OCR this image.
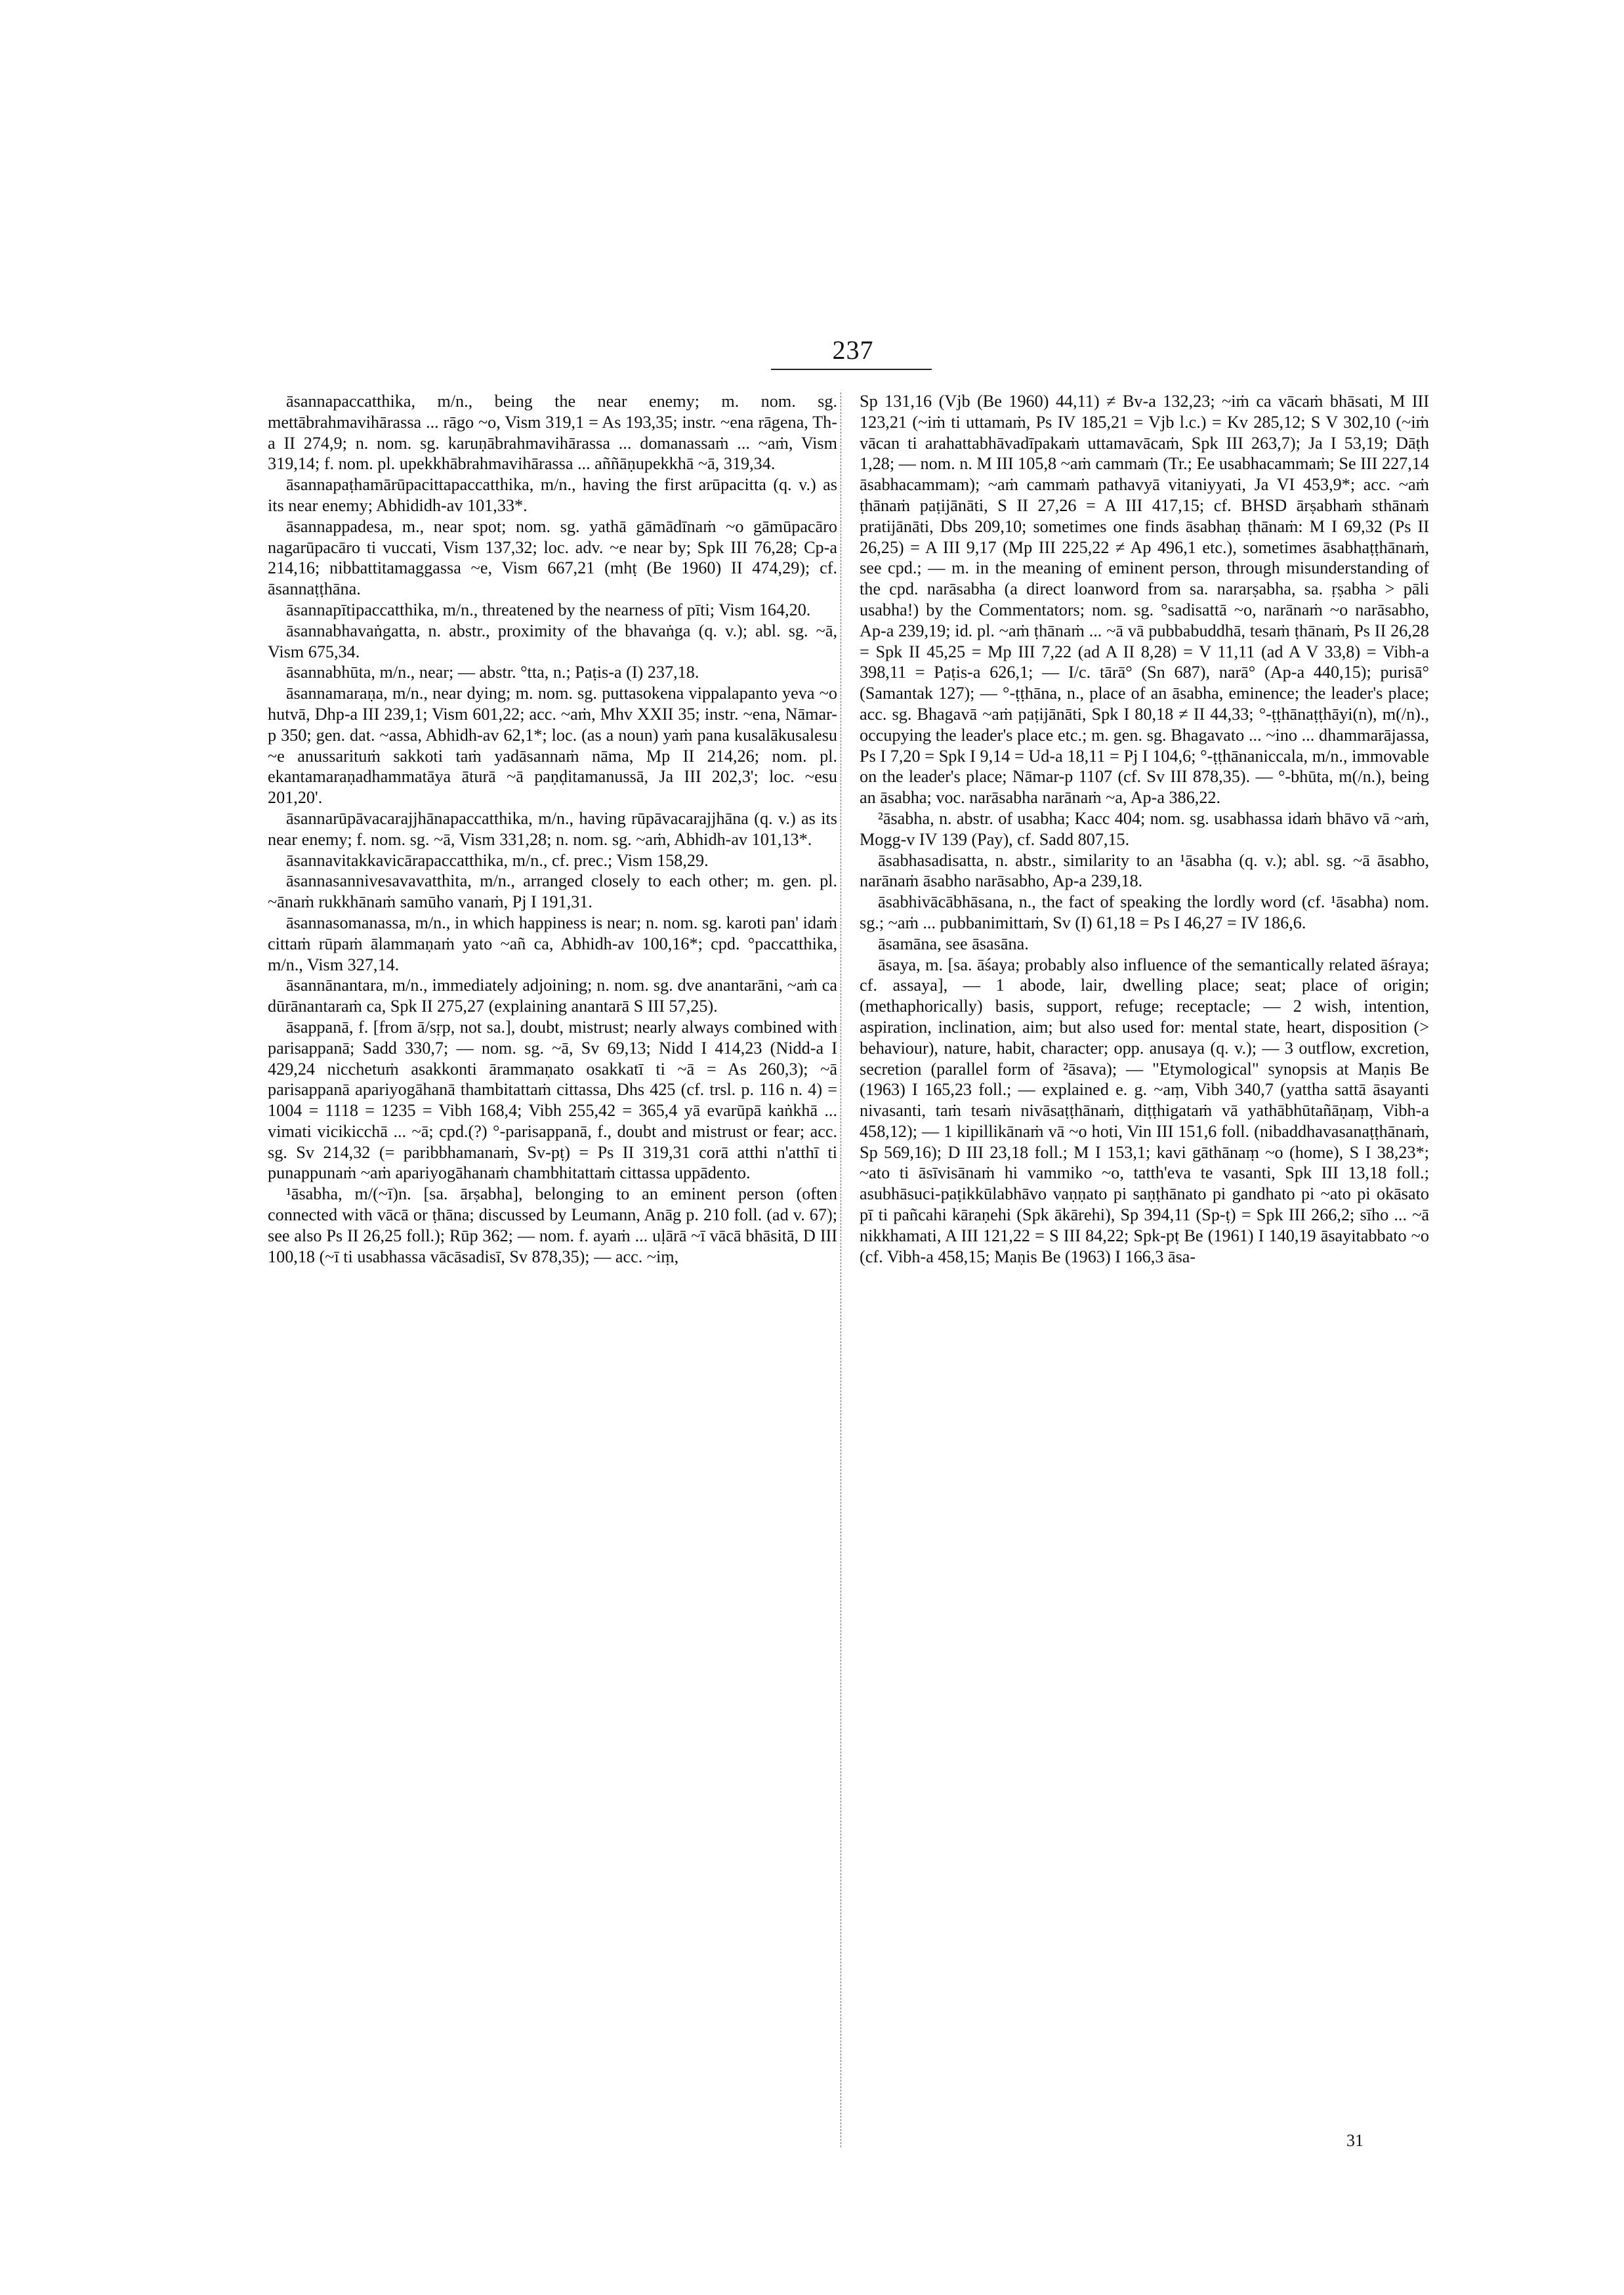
237

āsannapaccatthika, m/n., being the near enemy; m. nom. sg. mettābrahmavihārassa ... rāgo ~o, Vism 319,1 = As 193,35; instr. ~ena rāgena, Th-a II 274,9; n. nom. sg. karuṇābrahmavihārassa ... domanassaṁ ... ~aṁ, Vism 319,14; f. nom. pl. upekkhābrahmavihārassa ... aññāṇupekkhā ~ā, 319,34.

āsannapaṭhamārūpacittapaccatthika, m/n., having the first arūpacitta (q. v.) as its near enemy; Abhididh-av 101,33*.

āsannappadesa, m., near spot; nom. sg. yathā gāmādīnaṁ ~o gāmūpacāro nagarūpacāro ti vuccati, Vism 137,32; loc. adv. ~e near by; Spk III 76,28; Cp-a 214,16; nibbattitamaggassa ~e, Vism 667,21 (mhṭ (Be 1960) II 474,29); cf. āsannaṭṭhāna.

āsannapītipaccatthika, m/n., threatened by the nearness of pīti; Vism 164,20.

āsannabhavaṅgatta, n. abstr., proximity of the bhavaṅga (q. v.); abl. sg. ~ā, Vism 675,34.

āsannabhūta, m/n., near; — abstr. °tta, n.; Paṭis-a (I) 237,18.

āsannamaraṇa, m/n., near dying; m. nom. sg. puttasokena vippalapanto yeva ~o hutvā, Dhp-a III 239,1; Vism 601,22; acc. ~aṁ, Mhv XXII 35; instr. ~ena, Nāmar-p 350; gen. dat. ~assa, Abhidh-av 62,1*; loc. (as a noun) yaṁ pana kusalākusalesu ~e anussarituṁ sakkoti taṁ yadāsannaṁ nāma, Mp II 214,26; nom. pl. ekantamaraṇadhammatāya āturā ~ā paṇḍitamanussā, Ja III 202,3'; loc. ~esu 201,20'.

āsannarūpāvacarajjhānapaccatthika, m/n., having rūpāvacarajjhāna (q. v.) as its near enemy; f. nom. sg. ~ā, Vism 331,28; n. nom. sg. ~aṁ, Abhidh-av 101,13*.

āsannavitakkavicārapaccatthika, m/n., cf. prec.; Vism 158,29.

āsannasannivesavavatthita, m/n., arranged closely to each other; m. gen. pl. ~ānaṁ rukkhānaṁ samūho vanaṁ, Pj I 191,31.

āsannasomanassa, m/n., in which happiness is near; n. nom. sg. karoti pan' idaṁ cittaṁ rūpaṁ ālammaṇaṁ yato ~añ ca, Abhidh-av 100,16*; cpd. °paccatthika, m/n., Vism 327,14.

āsannānantara, m/n., immediately adjoining; n. nom. sg. dve anantarāni, ~aṁ ca dūrānantaraṁ ca, Spk II 275,27 (explaining anantarā S III 57,25).

āsappanā, f. [from ā/sṛp, not sa.], doubt, mistrust; nearly always combined with parisappanā; Sadd 330,7; — nom. sg. ~ā, Sv 69,13; Nidd I 414,23 (Nidd-a I 429,24 nicchetuṁ asakkonti ārammaṇato osakkatī ti ~ā = As 260,3); ~ā parisappanā apariyogāhanā thambitattaṁ cittassa, Dhs 425 (cf. trsl. p. 116 n. 4) = 1004 = 1118 = 1235 = Vibh 168,4; Vibh 255,42 = 365,4 yā evarūpā kaṅkhā ... vimati vicikicchā ... ~ā; cpd.(?) °-parisappanā, f., doubt and mistrust or fear; acc. sg. Sv 214,32 (= paribbhamanaṁ, Sv-pṭ) = Ps II 319,31 corā atthi n'atthī ti punappunaṁ ~aṁ apariyogāhanaṁ chambhitattaṁ cittassa uppādento.

¹āsabha, m/(~ī)n. [sa. ārṣabha], belonging to an eminent person (often connected with vācā or ṭhāna; discussed by Leumann, Anāg p. 210 foll. (ad v. 67); see also Ps II 26,25 foll.); Rūp 362; — nom. f. ayaṁ ... uḷārā ~ī vācā bhāsitā, D III 100,18 (~ī ti usabhassa vācāsadisī, Sv 878,35); — acc. ~iṃ,

Sp 131,16 (Vjb (Be 1960) 44,11) ≠ Bv-a 132,23; ~iṁ ca vācaṁ bhāsati, M III 123,21 (~iṁ ti uttamaṁ, Ps IV 185,21 = Vjb l.c.) = Kv 285,12; S V 302,10 (~iṁ vācan ti arahattabhāvadīpakaṁ uttamavācaṁ, Spk III 263,7); Ja I 53,19; Dāṭh 1,28; — nom. n. M III 105,8 ~aṁ cammaṁ (Tr.; Ee usabhacammaṁ; Se III 227,14 āsabhacammam); ~aṁ cammaṁ pathavyā vitaniyyati, Ja VI 453,9*; acc. ~aṁ ṭhānaṁ paṭijānāti, S II 27,26 = A III 417,15; cf. BHSD ārṣabhaṁ sthānaṁ pratijānāti, Dbs 209,10; sometimes one finds āsabhaṇ ṭhānaṁ: M I 69,32 (Ps II 26,25) = A III 9,17 (Mp III 225,22 ≠ Ap 496,1 etc.), sometimes āsabhaṭṭhānaṁ, see cpd.; — m. in the meaning of eminent person, through misunderstanding of the cpd. narāsabha (a direct loanword from sa. nararṣabha, sa. ṛṣabha > pāli usabha!) by the Commentators; nom. sg. °sadisattā ~o, narānaṁ ~o narāsabho, Ap-a 239,19; id. pl. ~aṁ ṭhānaṁ ... ~ā vā pubbabuddhā, tesaṁ ṭhānaṁ, Ps II 26,28 = Spk II 45,25 = Mp III 7,22 (ad A II 8,28) = V 11,11 (ad A V 33,8) = Vibh-a 398,11 = Paṭis-a 626,1; — I/c. tārā° (Sn 687), narā° (Ap-a 440,15); purisā° (Samantak 127); — °-ṭṭhāna, n., place of an āsabha, eminence; the leader's place; acc. sg. Bhagavā ~aṁ paṭijānāti, Spk I 80,18 ≠ II 44,33; °-ṭṭhānaṭṭhāyi(n), m(/n)., occupying the leader's place etc.; m. gen. sg. Bhagavato ... ~ino ... dhammarājassa, Ps I 7,20 = Spk I 9,14 = Ud-a 18,11 = Pj I 104,6; °-ṭṭhānaniccala, m/n., immovable on the leader's place; Nāmar-p 1107 (cf. Sv III 878,35). — °-bhūta, m(/n.), being an āsabha; voc. narāsabha narānaṁ ~a, Ap-a 386,22.

²āsabha, n. abstr. of usabha; Kacc 404; nom. sg. usabhassa idaṁ bhāvo vā ~aṁ, Mogg-v IV 139 (Pay), cf. Sadd 807,15.

āsabhasadisatta, n. abstr., similarity to an ¹āsabha (q. v.); abl. sg. ~ā āsabho, narānaṁ āsabho narāsabho, Ap-a 239,18.

āsabhivācābhāsana, n., the fact of speaking the lordly word (cf. ¹āsabha) nom. sg.; ~aṁ ... pubbanimittaṁ, Sv (I) 61,18 = Ps I 46,27 = IV 186,6.

āsamāna, see āsasāna.

āsaya, m. [sa. āśaya; probably also influence of the semantically related āśraya; cf. assaya], — 1 abode, lair, dwelling place; seat; place of origin; (methaphorically) basis, support, refuge; receptacle; — 2 wish, intention, aspiration, inclination, aim; but also used for: mental state, heart, disposition (> behaviour), nature, habit, character; opp. anusaya (q. v.); — 3 outflow, excretion, secretion (parallel form of ²āsava); — "Etymological" synopsis at Maṇis Be (1963) I 165,23 foll.; — explained e. g. ~aṃ, Vibh 340,7 (yattha sattā āsayanti nivasanti, taṁ tesaṁ nivāsaṭṭhānaṁ, diṭṭhigataṁ vā yathābhūtañāṇaṃ, Vibh-a 458,12); — 1 kipillikānaṁ vā ~o hoti, Vin III 151,6 foll. (nibaddhavasanaṭṭhānaṁ, Sp 569,16); D III 23,18 foll.; M I 153,1; kavi gāthānaṃ ~o (home), S I 38,23*; ~ato ti āsīvisānaṁ hi vammiko ~o, tatth'eva te vasanti, Spk III 13,18 foll.; asubhāsuci-paṭikkūlabhāvo vaṇṇato pi saṇṭhānato pi gandhato pi ~ato pi okāsato pī ti pañcahi kāraṇehi (Spk ākārehi), Sp 394,11 (Sp-ṭ) = Spk III 266,2; sīho ... ~ā nikkhamati, A III 121,22 = S III 84,22; Spk-pṭ Be (1961) I 140,19 āsayitabbato ~o (cf. Vibh-a 458,15; Maṇis Be (1963) I 166,3 āsa-

31
